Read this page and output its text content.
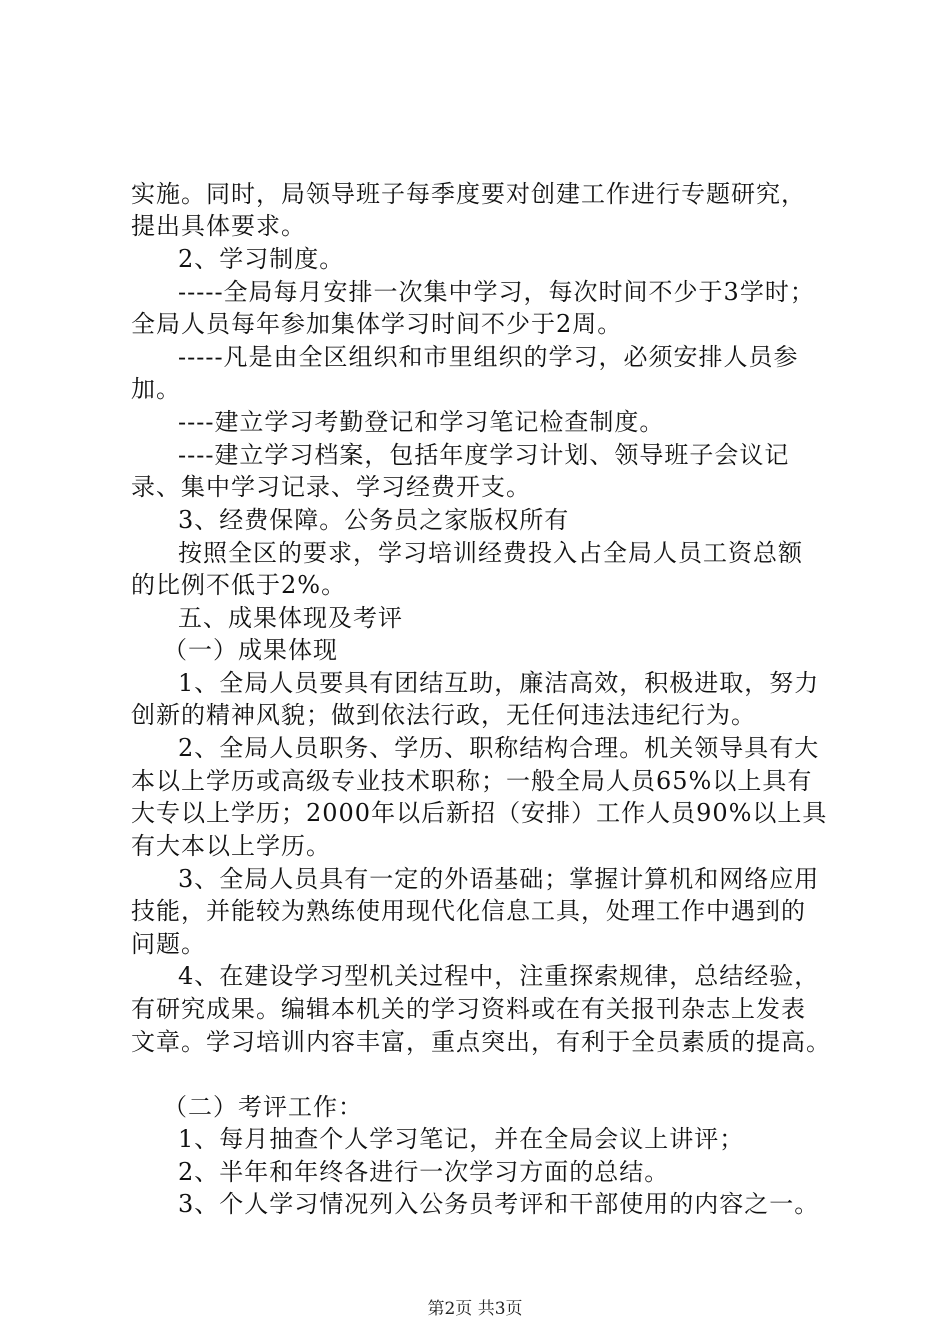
实施。同时，局领导班子每季度要对创建工作进行专题研究，
提出具体要求。
2、学习制度。
-----全局每月安排一次集中学习，每次时间不少于3学时；
全局人员每年参加集体学习时间不少于2周。
-----凡是由全区组织和市里组织的学习，必须安排人员参
加。
----建立学习考勤登记和学习笔记检查制度。
----建立学习档案，包括年度学习计划、领导班子会议记
录、集中学习记录、学习经费开支。
3、经费保障。公务员之家版权所有
按照全区的要求，学习培训经费投入占全局人员工资总额
的比例不低于2%。
五、成果体现及考评
（一）成果体现
1、全局人员要具有团结互助，廉洁高效，积极进取，努力
创新的精神风貌；做到依法行政，无任何违法违纪行为。
2、全局人员职务、学历、职称结构合理。机关领导具有大
本以上学历或高级专业技术职称；一般全局人员65%以上具有
大专以上学历；2000年以后新招（安排）工作人员90%以上具
有大本以上学历。
3、全局人员具有一定的外语基础；掌握计算机和网络应用
技能，并能较为熟练使用现代化信息工具，处理工作中遇到的
问题。
4、在建设学习型机关过程中，注重探索规律，总结经验，
有研究成果。编辑本机关的学习资料或在有关报刊杂志上发表
文章。学习培训内容丰富，重点突出，有利于全员素质的提高。
（二）考评工作：
1、每月抽查个人学习笔记，并在全局会议上讲评；
2、半年和年终各进行一次学习方面的总结。
3、个人学习情况列入公务员考评和干部使用的内容之一。
第2页 共3页
